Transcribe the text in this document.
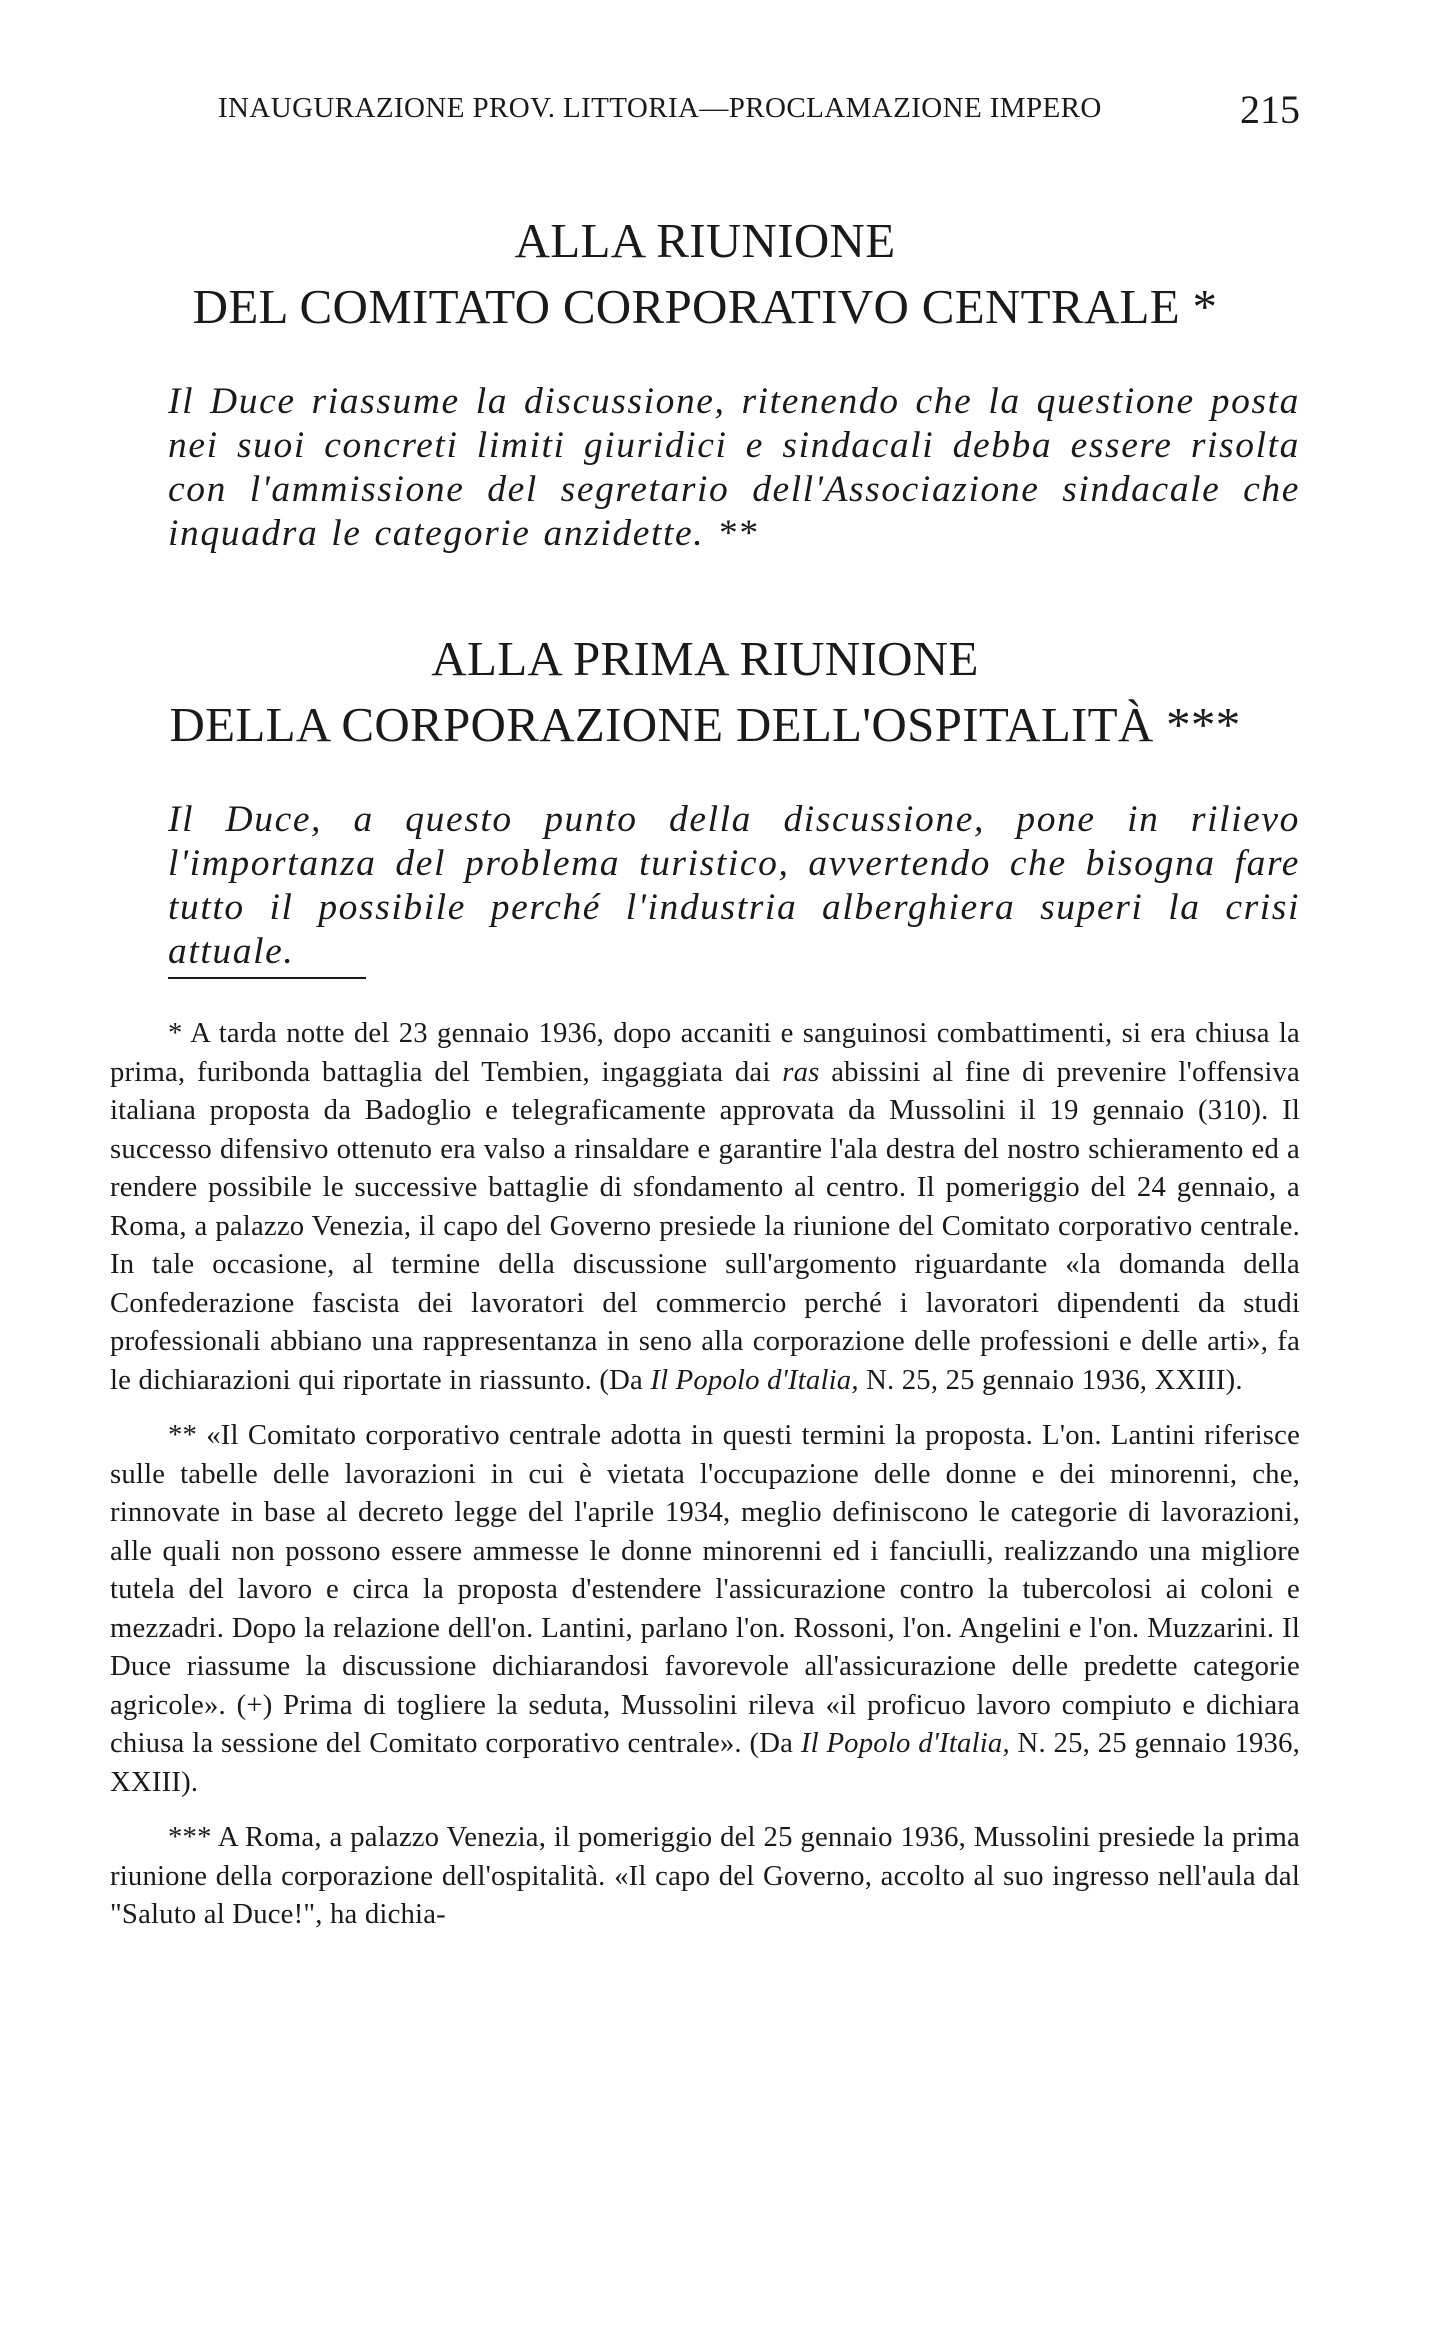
INAUGURAZIONE PROV. LITTORIA—PROCLAMAZIONE IMPERO	215
ALLA RIUNIONE
DEL COMITATO CORPORATIVO CENTRALE *
Il Duce riassume la discussione, ritenendo che la questione posta nei suoi concreti limiti giuridici e sindacali debba essere risolta con l'ammissione del segretario dell'Associazione sindacale che inquadra le categorie anzidette. **
ALLA PRIMA RIUNIONE
DELLA CORPORAZIONE DELL'OSPITALITÀ ***
Il Duce, a questo punto della discussione, pone in rilievo l'importanza del problema turistico, avvertendo che bisogna fare tutto il possibile perché l'industria alberghiera superi la crisi attuale.

* A tarda notte del 23 gennaio 1936, dopo accaniti e sanguinosi combattimenti, si era chiusa la prima, furibonda battaglia del Tembien, ingaggiata dai ras abissini al fine di prevenire l'offensiva italiana proposta da Badoglio e telegraficamente approvata da Mussolini il 19 gennaio (310). Il successo difensivo ottenuto era valso a rinsaldare e garantire l'ala destra del nostro schieramento ed a rendere possibile le successive battaglie di sfondamento al centro. Il pomeriggio del 24 gennaio, a Roma, a palazzo Venezia, il capo del Governo presiede la riunione del Comitato corporativo centrale. In tale occasione, al termine della discussione sull'argomento riguardante «la domanda della Confederazione fascista dei lavoratori del commercio perché i lavoratori dipendenti da studi professionali abbiano una rappresentanza in seno alla corporazione delle professioni e delle arti», fa le dichiarazioni qui riportate in riassunto. (Da Il Popolo d'Italia, N. 25, 25 gennaio 1936, XXIII).

** «Il Comitato corporativo centrale adotta in questi termini la proposta. L'on. Lantini riferisce sulle tabelle delle lavorazioni in cui è vietata l'occupazione delle donne e dei minorenni, che, rinnovate in base al decreto legge del l'aprile 1934, meglio definiscono le categorie di lavorazioni, alle quali non possono essere ammesse le donne minorenni ed i fanciulli, realizzando una migliore tutela del lavoro e circa la proposta d'estendere l'assicurazione contro la tubercolosi ai coloni e mezzadri. Dopo la relazione dell'on. Lantini, parlano l'on. Rossoni, l'on. Angelini e l'on. Muzzarini. Il Duce riassume la discussione dichiarandosi favorevole all'assicurazione delle predette categorie agricole». (+) Prima di togliere la seduta, Mussolini rileva «il proficuo lavoro compiuto e dichiara chiusa la sessione del Comitato corporativo centrale». (Da Il Popolo d'Italia, N. 25, 25 gennaio 1936, XXIII).

*** A Roma, a palazzo Venezia, il pomeriggio del 25 gennaio 1936, Mussolini presiede la prima riunione della corporazione dell'ospitalità. «Il capo del Governo, accolto al suo ingresso nell'aula dal "Saluto al Duce!", ha dichia-
